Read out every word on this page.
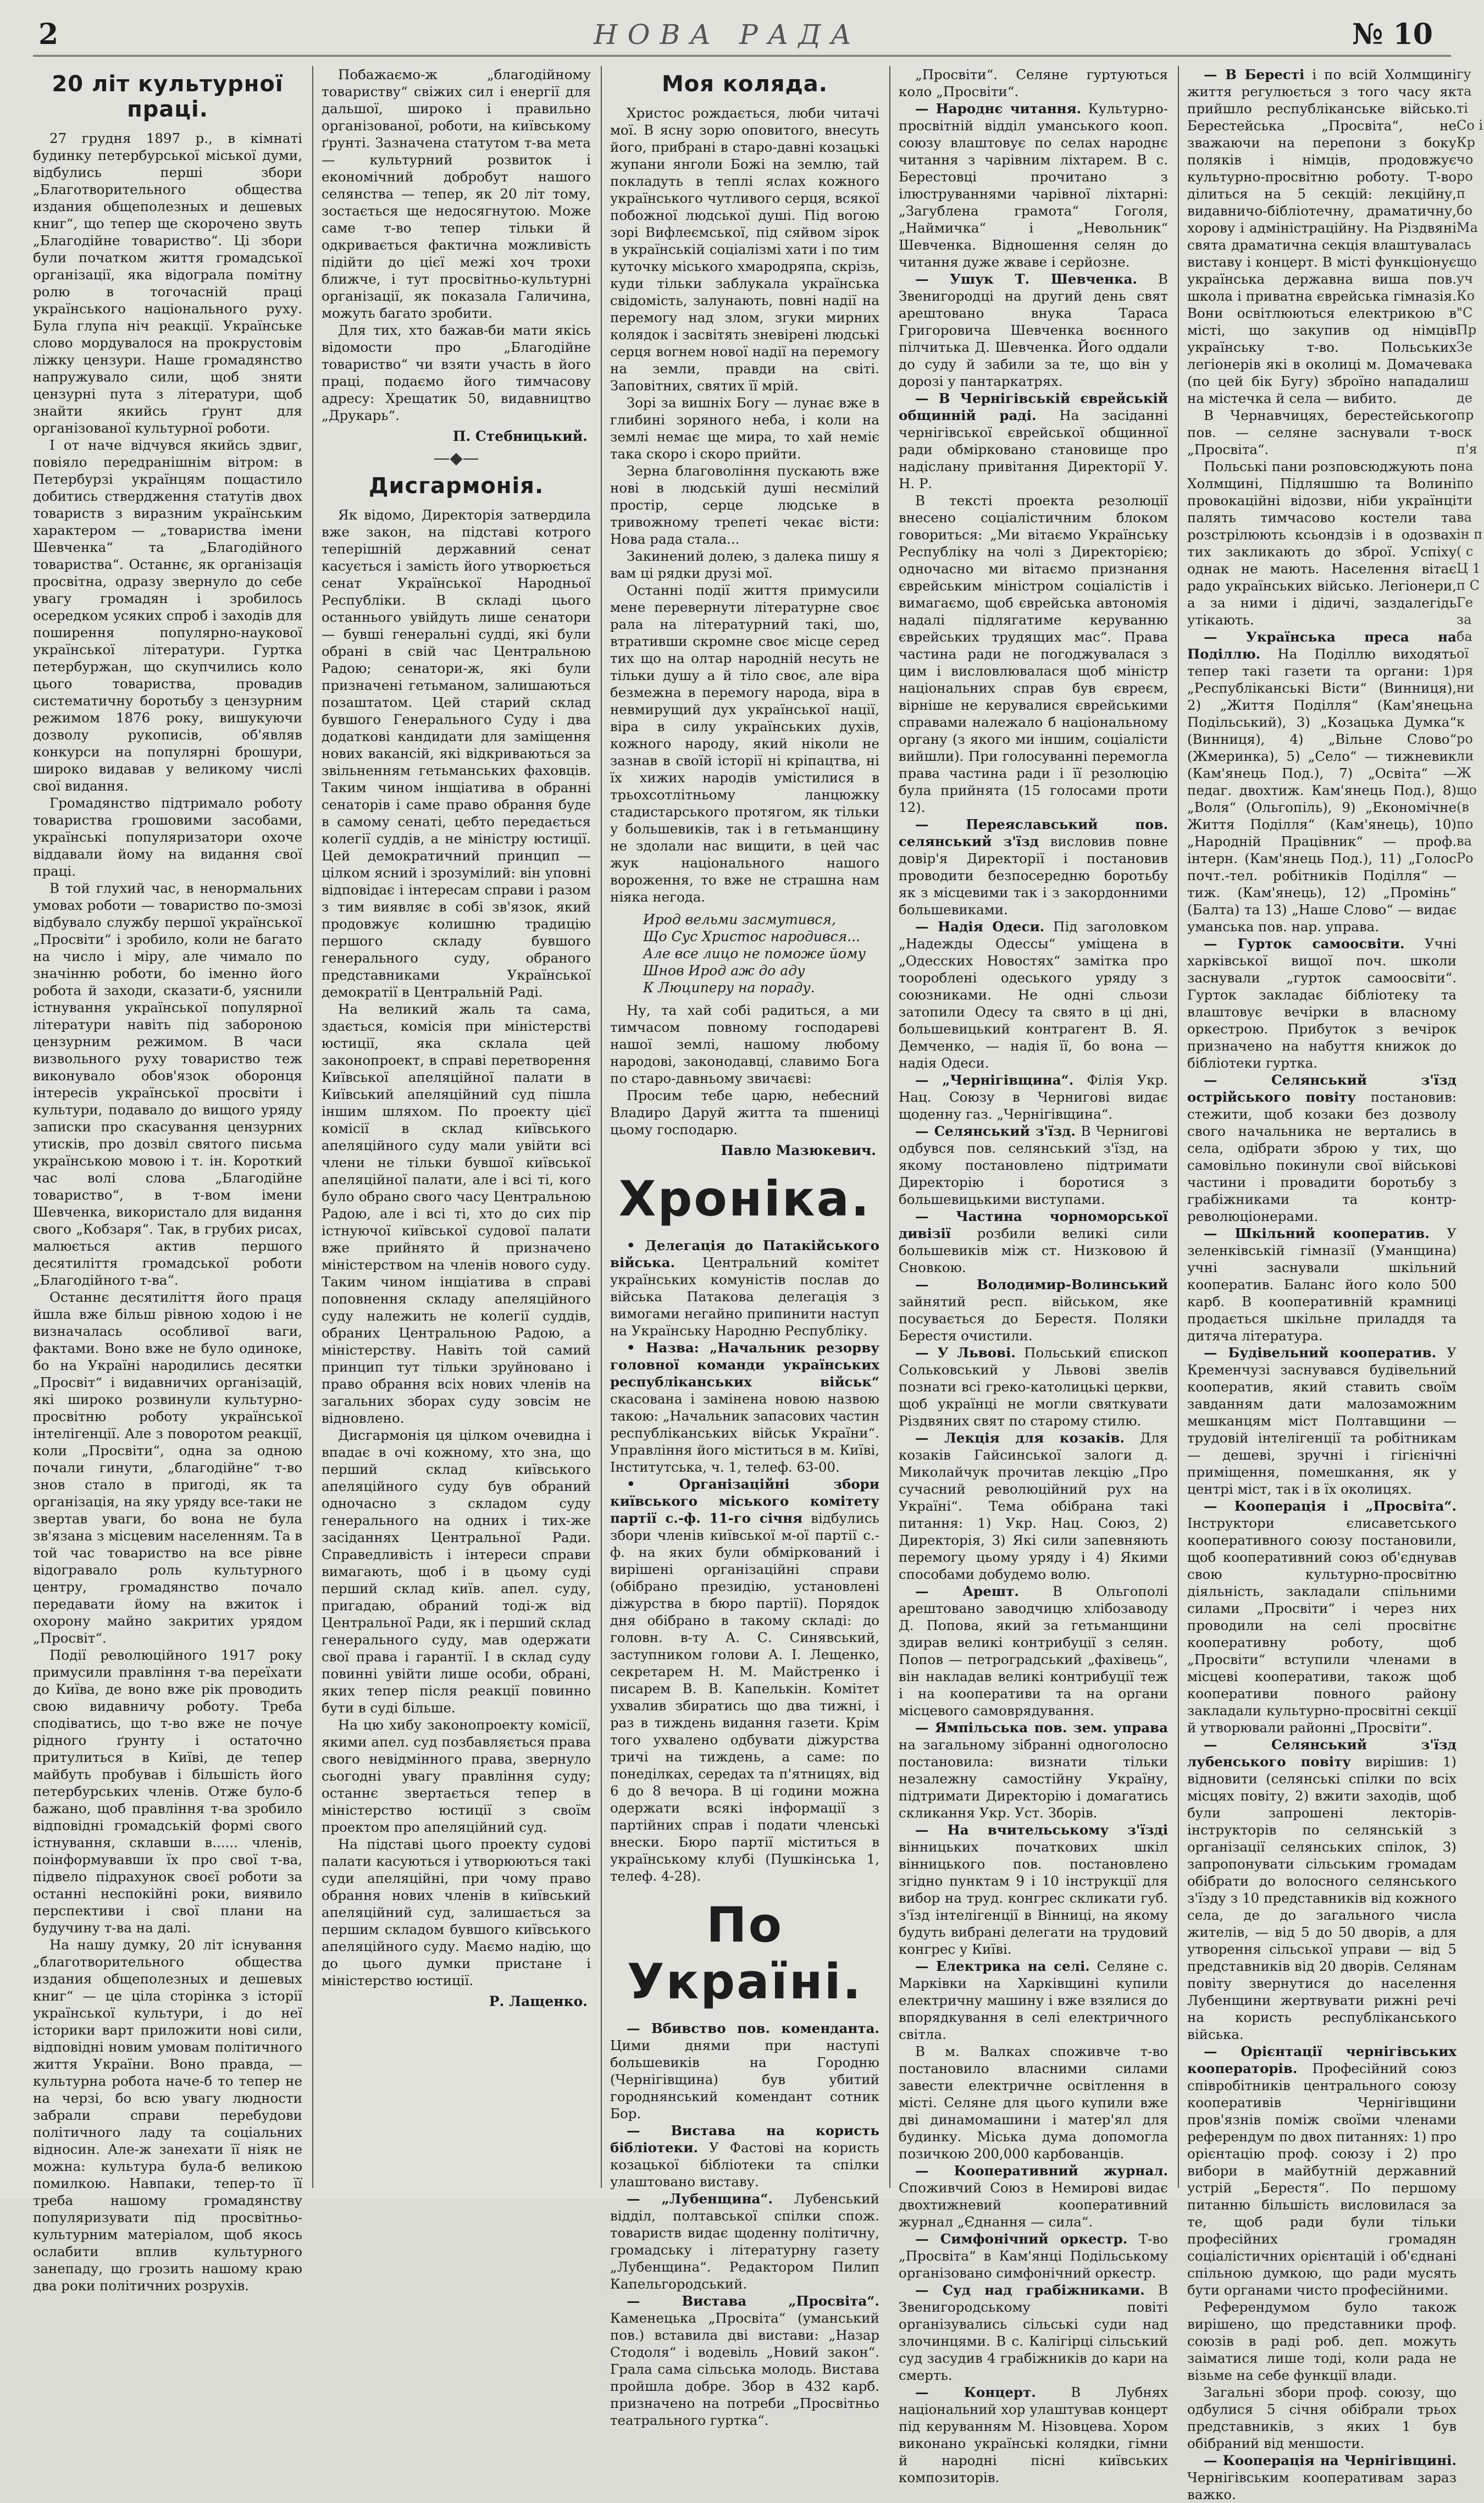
2	НОВА РАДА	№ 10
20 літ культурної праці.

27 грудня 1897 р., в кімнаті будинку петербурської міської думи, відбулись перші збори „Благотворительного общества издания общеполезных и дешевых книг“, що тепер ще скорочено звуть „Благодійне товариство“. Ці збори були початком життя громадської організації, яка відограла помітну ролю в тогочасній праці українського національного руху. Була глупа ніч реакції. Українське слово мордувалося на прокрустовім ліжку цензури. Наше громадянство напружувало сили, щоб зняти цензурні пута з літератури, щоб знайти якийсь ґрунт для організованої культурної роботи.

І от наче відчувся якийсь здвиг, повіяло передранішнім вітром: в Петербурзі українцям пощастило добитись ствердження статутів двох товариств з виразним українським характером — „товариства імени Шевченка“ та „Благодійного товариства“. Останнє, як організація просвітна, одразу звернуло до себе увагу громадян і зробилось осередком усяких спроб і заходів для поширення популярно-наукової української літератури. Гуртка петербуржан, що скупчились коло цього товариства, провадив систематичну боротьбу з цензурним режимом 1876 року, вишукуючи дозволу рукописів, об'являв конкурси на популярні брошури, широко видавав у великому числі свої видання.

Громадянство підтримало роботу товариства грошовими засобами, українські популяризатори охоче віддавали йому на видання свої праці.

В той глухий час, в ненормальних умовах роботи — товариство по-змозі відбувало службу першої української „Просвіти“ і зробило, коли не багато на число і міру, але чимало по значінню роботи, бо іменно його робота й заходи, сказати-б, уяснили істнування української популярної літератури навіть під забороною цензурним режимом. В часи визвольного руху товариство теж виконувало обов'язок оборонця інтересів української просвіти і культури, подавало до вищого уряду записки про скасування цензурних утисків, про дозвіл святого письма українською мовою і т. ін. Короткий час волі слова „Благодійне товариство“, в т-вом імени Шевченка, використало для видання свого „Кобзаря“. Так, в грубих рисах, малюється актив першого десятиліття громадської роботи „Благодійного т-ва“.

Останнє десятиліття його праця йшла вже більш рівною ходою і не визначалась особливої ваги, фактами. Воно вже не було одиноке, бо на Україні народились десятки „Просвіт“ і видавничих організацій, які широко розвинули культурно-просвітню роботу української інтелігенції. Але з поворотом реакції, коли „Просвіти“, одна за одною почали гинути, „благодійне“ т-во знов стало в пригоді, як та організація, на яку уряду все-таки не звертав уваги, бо вона не була зв'язана з місцевим населенням. Та в той час товариство на все рівне відогравало роль культурного центру, громадянство почало передавати йому на вжиток і охорону майно закритих урядом „Просвіт“.

Події революційного 1917 року примусили правління т-ва переїхати до Київа, де воно вже рік проводить свою видавничу роботу. Треба сподіватись, що т-во вже не почуе рідного ґрунту і остаточно притулиться в Київі, де тепер майбуть пробував і більшість його петербурських членів. Отже було-б бажано, щоб правління т-ва зробило відповідні громадській формі свого істнування, склавши в...... членів, поінформувавши їх про свої т-ва, підвело підрахунок своєї роботи за останні неспокійні роки, виявило перспективи і свої плани на будучину т-ва на далі.

На нашу думку, 20 літ існування „благотворительного общества издания общеполезных и дешевых книг“ — це ціла сторінка з історії української культури, і до неї історики варт приложити нові сили, відповідні новим умовам політичного життя України. Воно правда, — культурна робота наче-б то тепер не на черзі, бо всю увагу людности забрали справи перебудови політичного ладу та соціальних відносин. Але-ж занехати її ніяк не можна: культура була-б великою помилкою. Навпаки, тепер-то її треба нашому громадянству популяризувати під просвітньо-культурним матеріалом, щоб якось ослабити вплив культурного занепаду, що грозить нашому краю два роки політичних розрухів.

Побажаємо-ж „благодійному товариству“ свіжих сил і енергії для дальшої, широко і правильно організованої, роботи, на київському ґрунті. Зазначена статутом т-ва мета — культурний розвиток і економічний добробут нашого селянства — тепер, як 20 літ тому, зостається ще недосягнутою. Може саме т-во тепер тільки й одкривається фактична можливість підійти до цієї межі хоч трохи ближче, і тут просвітньо-культурні організації, як показала Галичина, можуть багато зробити.

Для тих, хто бажав-би мати якісь відомости про „Благодійне товариство“ чи взяти участь в його праці, подаємо його тимчасову адресу: Хрещатик 50, видавництво „Друкарь“.

П. Стебницький.
—◆—
Дисгармонія.

Як відомо, Директорія затвердила вже закон, на підставі котрого теперішній державний сенат касується і замість його утворюється сенат Української Народньої Республіки. В складі цього останнього увійдуть лише сенатори — бувші генеральні судді, які були обрані в свій час Центральною Радою; сенатори-ж, які були призначені гетьманом, залишаються позаштатом. Цей старий склад бувшого Генерального Суду і два додаткові кандидати для замiщення нових вакансій, які відкриваються за звільненням гетьманських фаховців. Таким чином інщіатива в обранні сенаторів і саме право обрання буде в самому сенаті, цебто передається колегії суддів, а не міністру юстиції. Цей демократичний принцип — цілком ясний і зрозумілий: він уповні відповідає і інтересам справи і разом з тим виявляє в собі зв'язок, який продовжує колишню традицію першого складу бувшого генерального суду, обраного представниками Української демократії в Центральній Раді.

На великий жаль та сама, здається, комісія при міністерстві юстиції, яка склала цей законопроект, в справі перетворення Київської апеляційної палати в Київський апеляційний суд пішла іншим шляхом. По проекту цієї комісії в склад київського апеляційного суду мали увійти всі члени не тільки бувшої київської апеляційної палати, але і всі ті, кого було обрано свого часу Центральною Радою, але і всі ті, хто до сих пір істнуючої київської судової палати вже прийнято й призначено міністерством на членів нового суду. Таким чином інщіатива в справі поповнення складу апеляційного суду належить не колегії суддів, обраних Центральною Радою, а міністерству. Навіть той самий принцип тут тільки зруйновано і право обрання всіх нових членів на загальних зборах суду зовсім не відновлено.

Дисгармонія ця цілком очевидна і впадає в очі кожному, хто зна, що перший склад київського апеляційного суду був обраний одночасно з складом суду генерального на одних і тих-же засіданнях Центральної Ради. Справедливість і інтереси справи вимагають, щоб і в цьому суді перший склад київ. апел. суду, пригадаю, обраний тоді-ж від Центральної Ради, як і перший склад генерального суду, мав одержати свої права і гарантії. І в склад суду повинні увійти лише особи, обрані, яких тепер після реакції повинно бути в суді більше.

На цю хибу законопроекту комісії, якими апел. суд позбавляється права свого невідмінного права, звернуло сьогодні увагу правління суду; останнє звертається тепер в міністерство юстиції з своїм проектом про апеляційний суд.

На підставі цього проекту судові палати касуються і утворюються такі суди апеляційні, при чому право обрання нових членів в київський апеляційний суд, залишається за першим складом бувшого київського апеляційного суду. Маємо надію, що до цього думки пристане і міністерство юстиції.

Р. Лащенко.
Моя коляда.

Христос рождається, люби читачі мої. В ясну зорю оповитого, внесуть його, прибрані в старо-давні козацькі жупани янголи Божі на землю, тай покладуть в теплі яслах кожного українського чутливого серця, всякої побожної людської душі. Під вогою зорі Вифлеємської, під сяйвом зірок в українській соціалізмі хати і по тим куточку міського хмародряпа, скрізь, куди тільки заблукала українська свідомість, залунають, повні надії на перемогу над злом, згуки мирних колядок і засвітять зневірені людські серця вогнем нової надії на перемогу на земли, правди на світі. Заповітних, святих її мрій.

Зорі за вишніх Богу — лунає вже в глибині зоряного неба, і коли на землі немає ще мира, то хай неміє така скоро і скоро прийти.

Зерна благовоління пускають вже нові в людській душі несмілий простір, серце людське в тривожному трепеті чекає вісти: Нова рада стала...

Закинений долею, з далека пишу я вам ці рядки друзі мої.

Останні події життя примусили мене перевернути літературне своє рала на літературний такі, шо, втративши скромне своє місце серед тих що на олтар народній несуть не тільки душу а й тіло своє, але віра безмежна в перемогу народа, віра в невмирущий дух української нації, віра в силу українських духів, кожного народу, який ніколи не зазнав в своїй історії ні кріпацтва, ні їх хижих народів умістилися в трьохсотлітньому ланцюжку стадистарського протягом, як тільки у большевиків, так і в гетьманщину не здолали нас вищити, в цей час жук національного нашого вороження, то вже не страшна нам ніяка негода.

Ирод вельми засмутився,
Що Сус Христос народився...
Але все лицо не поможе йому
Шнов Ирод аж до аду
К Люциперу на пораду.

Ну, та хай собі радиться, а ми тимчасом повному господареві нашої землі, нашому любому народові, законодавці, славимо Бога по старо-давньому звичаєві:

Просим тебе царю, небесний Владиро Даруй житта та пшениці цьому господарю.

Павло Мазюкевич.
Хроніка.

• Делегація до Патакійського війська. Центральний комітет українських комуністів послав до війська Патакова делегація з вимогами негайно припинити наступ на Українську Народню Республіку.

• Назва: „Начальник резорву головної команди українських республіканських військ“ скасована і замінена новою назвою такою: „Начальник запасових частин республіканських військ України“. Управління його міститься в м. Київі, Інститутська, ч. 1, телеф. 63-00.

• Організаційні збори київського міського комітету партії с.-ф. 11-го січня відбулись збори членів київської м-ої партії с.-ф. на яких були обміркований і вирішені організаційні справи (обібрано президію, установлені діжурства в бюро партії). Порядок дня обібрано в такому складі: до головн. в-ту А. С. Синявський, заступником голови А. І. Лещенко, секретарем Н. М. Майстренко і писарем В. В. Капелькін. Комітет ухвалив збиратись що два тижні, і раз в тиждень видання газети. Крім того ухвалено одбувати діжурства тричі на тиждень, а саме: по понеділках, середах та п'ятницях, від 6 до 8 вечора. В ці години можна одержати всякі інформації з партійних справ і подати членські внески. Бюро партії міститься в українському клубі (Пушкінська 1, телеф. 4-28).

По Україні.

— Вбивство пов. коменданта. Цими днями при наступі большевиків на Городню (Чернігівщина) був убитий городнянський комендант сотник Бор.

— Вистава на користь бібліотеки. У Фастові на користь козацької бібліотеки та спілки улаштовано виставу.

— „Лубенщина“. Лубенський відділ, полтавської спілки спож. товариств видає щоденну політичну, громадську і літературну газету „Лубенщина“. Редактором Пилип Капельгородський.

— Вистава „Просвіта“. Каменецька „Просвіта“ (уманський пов.) вставила дві вистави: „Назар Стодоля“ і водевіль „Новий закон“. Грала сама сільська молодь. Вистава пройшла добре. Збор в 432 карб. призначено на потреби „Просвітньо театрального гуртка“.

„Просвіти“. Селяне гуртуються коло „Просвіти“.

— Народнє читання. Культурно-просвітній відділ уманського кооп. союзу влаштовує по селах народнє читання з чарівним ліхтарем. В с. Берестовці прочитано з ілюструваннями чарівної ліхтарні: „Загублена грамота“ Гоголя, „Наймичка“ і „Невольник“ Шевченка. Відношення селян до читання дуже жваве і серйозне.

— Ушук Т. Шевченка. В Звенигородці на другий день свят арештовано внука Тараса Григоровича Шевченка воєнного пілчитька Д. Шевченка. Його оддали до суду й забили за те, що він у дорозі у пантаркатрях.

— В Чернігівській єврейській общинній раді. На засіданні чернігівської єврейської общинної ради обмірковано становище про надіслану привітання Директорії У. Н. Р.

В тексті проекта резолюції внесено соціалістичним блоком говориться: „Ми вітаємо Українську Республіку на чолі з Директорією; одночасно ми вітаємо признання єврейським міністром соціалістів і вимагаємо, щоб єврейська автономія надалі підлягатиме керуванню єврейських трудящих мас“. Права частина ради не погоджувалася з цим і висловлювалася щоб міністр національних справ був євреєм, вірніше не керувалися єврейськими справами належало б національному органу (з якого ми іншим, соціалісти вийшли). При голосуванні перемогла права частина ради і її резолюцію була прийнята (15 голосами проти 12).

— Переяславський пов. селянський з'їзд висловив повне довір'я Директорії і постановив проводити безпосередню боротьбу як з місцевими так і з закордонними большевиками.

— Надія Одеси. Під заголовком „Надежды Одессы“ уміщена в „Одесских Новостях“ замітка про тоороблені одеського уряду з союзниками. Не одні сльози затопили Одесу та свято в ці дні, большевицький контрагент В. Я. Демченко, — надія її, бо вона — надія Одеси.

— „Чернігівщина“. Філія Укр. Нац. Союзу в Чернигові видає щоденну газ. „Чернігівщина“.

— Селянський з'їзд. В Чернигові одбувся пов. селянський з'їзд, на якому постановлено підтримати Директорію і боротися з большевицькими виступами.

— Частина чорноморської дивізії розбили великі сили большевиків між ст. Низковою й Сновкою.

— Володимир-Волинський зайнятий респ. військом, яке посувається до Берестя. Поляки Берестя очистили.

— У Львові. Польський єпископ Сольковський у Львові звелів познати всі греко-католицькі церкви, щоб українці не могли святкувати Різдвяних свят по старому стилю.

— Лекція для козаків. Для козаків Гайсинської залоги д. Миколайчук прочитав лекцію „Про сучасний революційний рух на Україні“. Тема обібрана такі питання: 1) Укр. Нац. Союз, 2) Директорія, 3) Які сили запевняють перемогу цьому уряду і 4) Якими способами добудемо волю.

— Арешт. В Ольгополі арештовано заводчицю хлібозаводу Д. Попова, який за гетьманщини здирав великі контрибуції з селян. Попов — петроградський „фахівець“, він накладав великі контрибуції теж і на кооперативи та на органи місцевого самоврядування.

— Ямпільська пов. зем. управа на загальному зібранні одноголосно постановила: визнати тільки незалежну самостійну Україну, підтримати Директорію і домагатись скликання Укр. Уст. Зборів.

— На вчительському з'їзді вінницьких початкових шкіл вінницького пов. постановлено згідно пунктам 9 і 10 інструкції для вибор на труд. конгрес скликати губ. з'їзд інтелігенції в Вінниці, на якому будуть вибрані делегати на трудовий конгрес у Київі.

— Електрика на селі. Селяне с. Марківки на Харківщині купили електричну машину і вже взялися до впорядкування в селі електричного світла.

В м. Валках споживче т-во постановило власними силами завести електричне освітлення в місті. Селяне для цього купили вже дві динамомашини і матер'ял для будинку. Міська дума допомогла позичкою 200,000 карбованців.

— Кооперативний журнал. Споживчий Союз в Немирові видає двохтижневий кооперативний журнал „Єднання — сила“.

— Симфонічний оркестр. Т-во „Просвіта“ в Кам'янці Подільському організовано симфонічний оркестр.

— Суд над грабіжниками. В Звенигородському повіті організувались сільські суди над злочинцями. В с. Калігірці сільський суд засудив 4 грабіжників до кари на смерть.

— Концерт. В Лубнях національний хор улаштував концерт під керуванням М. Нізовцева. Хором виконано українські колядки, гімни й народні пісні київських композиторів.

— В Бересті і по всій Холмщині життя регулюється з того часу як прийшло республіканське військо. Берестейська „Просвіта“, не зважаючи на перепони з боку поляків і німців, продовжує культурно-просвітню роботу. Т-во ділиться на 5 секцій: лекційну, видавничо-бібліотечну, драматичну, хорову і адміністраційну. На Різдвяні свята драматична секція влаштувала виставу і концерт. В місті функціонує українська державна виша пов. школа і приватна єврейська гімназія. Вони освітлюються електрикою в місті, що закупив од німців українську т-во. Польських легіонерів які в околиці м. Домачева (по цей бік Бугу) зброїно нападали на містечка й села — вибито.

В Чернавчицях, берестейського пов. — селяне заснували т-во „Просвіта“.

Польські пани розповсюджують по Холмщині, Підляшшю та Волині провокаційні відозви, ніби українці палять тимчасово костели та розстрілюють ксьондзів і в одозвах тих закликають до зброї. Успіху однак не мають. Населення вітає радо українських військо. Легіонери, а за ними і дідичі, заздалегідь утікають.

— Українська преса на Поділлю. На Поділлю виходять тепер такі газети та органи: 1) „Республіканські Вісти“ (Винниця), 2) „Життя Поділля“ (Кам'янець Подільський), 3) „Козацька Думка“ (Винниця), 4) „Вільне Слово“ (Жмеринка), 5) „Село“ — тижневик (Кам'янець Под.), 7) „Освіта“ — педаг. двохтиж. Кам'янець Под.), 8) „Воля“ (Ольгопіль), 9) „Економічне Життя Поділля“ (Кам'янець), 10) „Народній Працівник“ — проф. інтерн. (Кам'янець Под.), 11) „Голос почт.-тел. робітників Поділля“ — тиж. (Кам'янець), 12) „Промінь“ (Балта) та 13) „Наше Слово“ — видає уманська пов. нар. управа.

— Гурток самоосвіти. Учні харківської вищої поч. школи заснували „гурток самоосвіти“. Гурток закладає бібліотеку та влаштовує вечірки в власному оркестрою. Прибуток з вечірок призначено на набуття книжок до бібліотеки гуртка.

— Селянський з'їзд острійського повіту постановив: стежити, щоб козаки без дозволу свого начальника не вертались в села, одібрати зброю у тих, що самовільно покинули свої військові частини і провадити боротьбу з грабіжниками та контр-революціонерами.

— Шкільний кооператив. У зеленківській гімназії (Уманщина) учні заснували шкільний кооператив. Баланс його коло 500 карб. В кооперативній крамниці продається шкільне приладдя та дитяча література.

— Будівельний кооператив. У Кременчузі заснувався будівельний кооператив, який ставить своїм завданням дати малозаможним мешканцям міст Полтавщини — трудовій інтелігенції та робітникам — дешеві, зручні і гігієнічні приміщення, помешкання, як у центрі міст, так і в їх околицях.

— Кооперація і „Просвіта“. Інструктори єлисаветського кооперативного союзу постановили, щоб кооперативний союз об'єднував свою культурно-просвітню діяльність, закладали спільними силами „Просвіти“ і через них проводили на селі просвітнє кооперативну роботу, щоб „Просвіти“ вступили членами в місцеві кооперативи, також щоб кооперативи повного району закладали культурно-просвітні секції й утворювали районні „Просвіти“.

— Селянський з'їзд лубенського повіту вирішив: 1) відновити (селянські спілки по всіх місцях повіту, 2) вжити заходів, щоб були запрошені лекторів-інструкторів по селянській з організації селянських спілок, 3) запропонувати сільським громадам обібрати до волосного селянського з'їзду з 10 представників від кожного села, де до загального числа жителів, — від 5 до 50 дворів, а для утворення сільської управи — від 5 представників від 20 дворів. Селянам повіту звернутися до населення Лубенщини жертвувати рижні речі на користь республіканського війська.

— Орієнтації чернігівських кооператорів. Професійний союз співробітників центрального союзу кооперативів Чернігівщини пров'язнів поміж своїми членами референдум по двох питаннях: 1) про орієнтацію проф. союзу і 2) про вибори в майбутній державний устрій „Берестя“. По першому питанню більшість висловилася за те, щоб ради були тільки професійних громадян соціалістичних орієнтацій і об'єднані спільною думкою, що ради мусять бути органами чисто професійними.

Референдумом було також вирішено, що представники проф. союзів в раді роб. деп. можуть заіматися лише тоді, коли рада не візьме на себе функції влади.

Загальні збори проф. союзу, що одбулися 5 січня обібрали трьох представників, з яких 1 був обібраний від меншости.

— Кооперація на Чернігівщині. Чернігівським кооперативам зараз важко.

гу та ті Со і Кр чо ро п бо Ма сь що уч Ко "С Пр Зе ка ш де пр ск п'я на по ти ва ін п ( с Ц 1 п С Ге за ба ої ря ни на к ро ли Ж що (в по ва Ро
